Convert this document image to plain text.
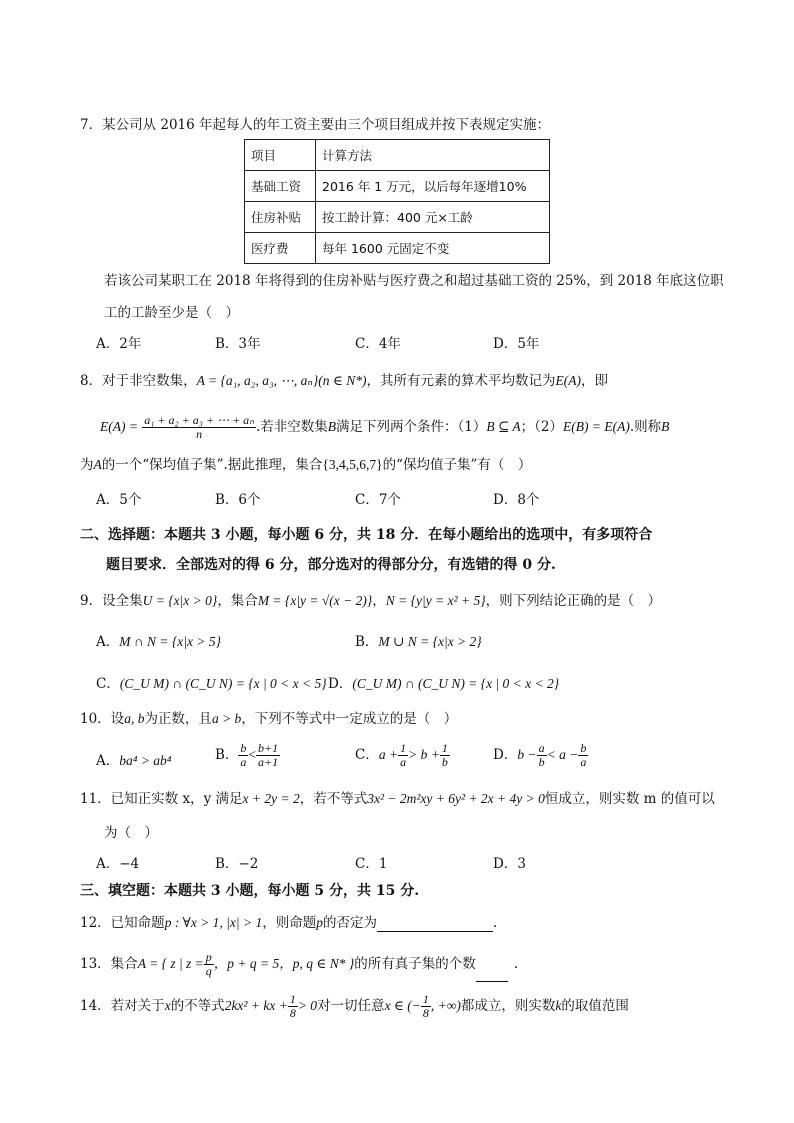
7．某公司从 2016 年起每人的年工资主要由三个项目组成并按下表规定实施：
项目	计算方法
基础工资	2016 年 1 万元，以后每年逐增10%
住房补贴	按工龄计算：400 元×工龄
医疗费	每年 1600 元固定不变
若该公司某职工在 2018 年将得到的住房补贴与医疗费之和超过基础工资的 25%，到 2018 年底这位职
工的工龄至少是（　）
A．2年	B．3年	C．4年	D．5年
8．对于非空数集，A = {a₁, a₂, a₃, ⋯, aₙ}(n ∈ N*)，其所有元素的算术平均数记为E(A)，即
$E(A) = \frac{\text{a₁ + a₂ + a₃ + ⋯ + aₙ}}{n}$ .若非空数集B满足下列两个条件：（1）B ⊆ A；（2）E(B) = E(A).则称B
为A的一个“保均值子集”.据此推理，集合{3,4,5,6,7}的“保均值子集”有（　）
A．5个	B．6个	C．7个	D．8个
二、选择题：本题共 3 小题，每小题 6 分，共 18 分．在每小题给出的选项中，有多项符合
题目要求．全部选对的得 6 分，部分选对的得部分分，有选错的得 0 分.
9．设全集U = {x|x > 0}，集合M = {x|y = √(x − 2)}，N = {y|y = x² + 5}，则下列结论正确的是（　）
A．M ∩ N = {x|x > 5}	B．M ∪ N = {x|x > 2}
C．(C_U M) ∩ (C_U N) = {x | 0 < x < 5} D．(C_U M) ∩ (C_U N) = {x | 0 < x < 2}
10．设a, b为正数，且a > b，下列不等式中一定成立的是（　）
A．ba⁴ > ab⁴	B． $\frac{b}{a} < \frac{b+1}{a+1}$	C．$a + \frac{1}{a} > b + \frac{1}{b}$	D．$b - \frac{a}{b} < a - \frac{b}{a}$
11．已知正实数 x，y 满足x + 2y = 2，若不等式3x² − 2m²xy + 6y² + 2x + 4y > 0恒成立，则实数 m 的值可以
为（　）
A．−4	B．−2	C．1	D．3
三、填空题：本题共 3 小题，每小题 5 分，共 15 分.
12．已知命题p : ∀x > 1, |x| > 1，则命题p的否定为	.
13．集合A = { z | $z = \frac{p}{q}$ ，p + q = 5，p, q ∈ N* }的所有真子集的个数	.
14．若对关于x的不等式2kx² + kx + $\frac{1}{8} > 0$对一切任意x ∈ (− $\frac{1}{8}$ , +∞)都成立，则实数k的取值范围
